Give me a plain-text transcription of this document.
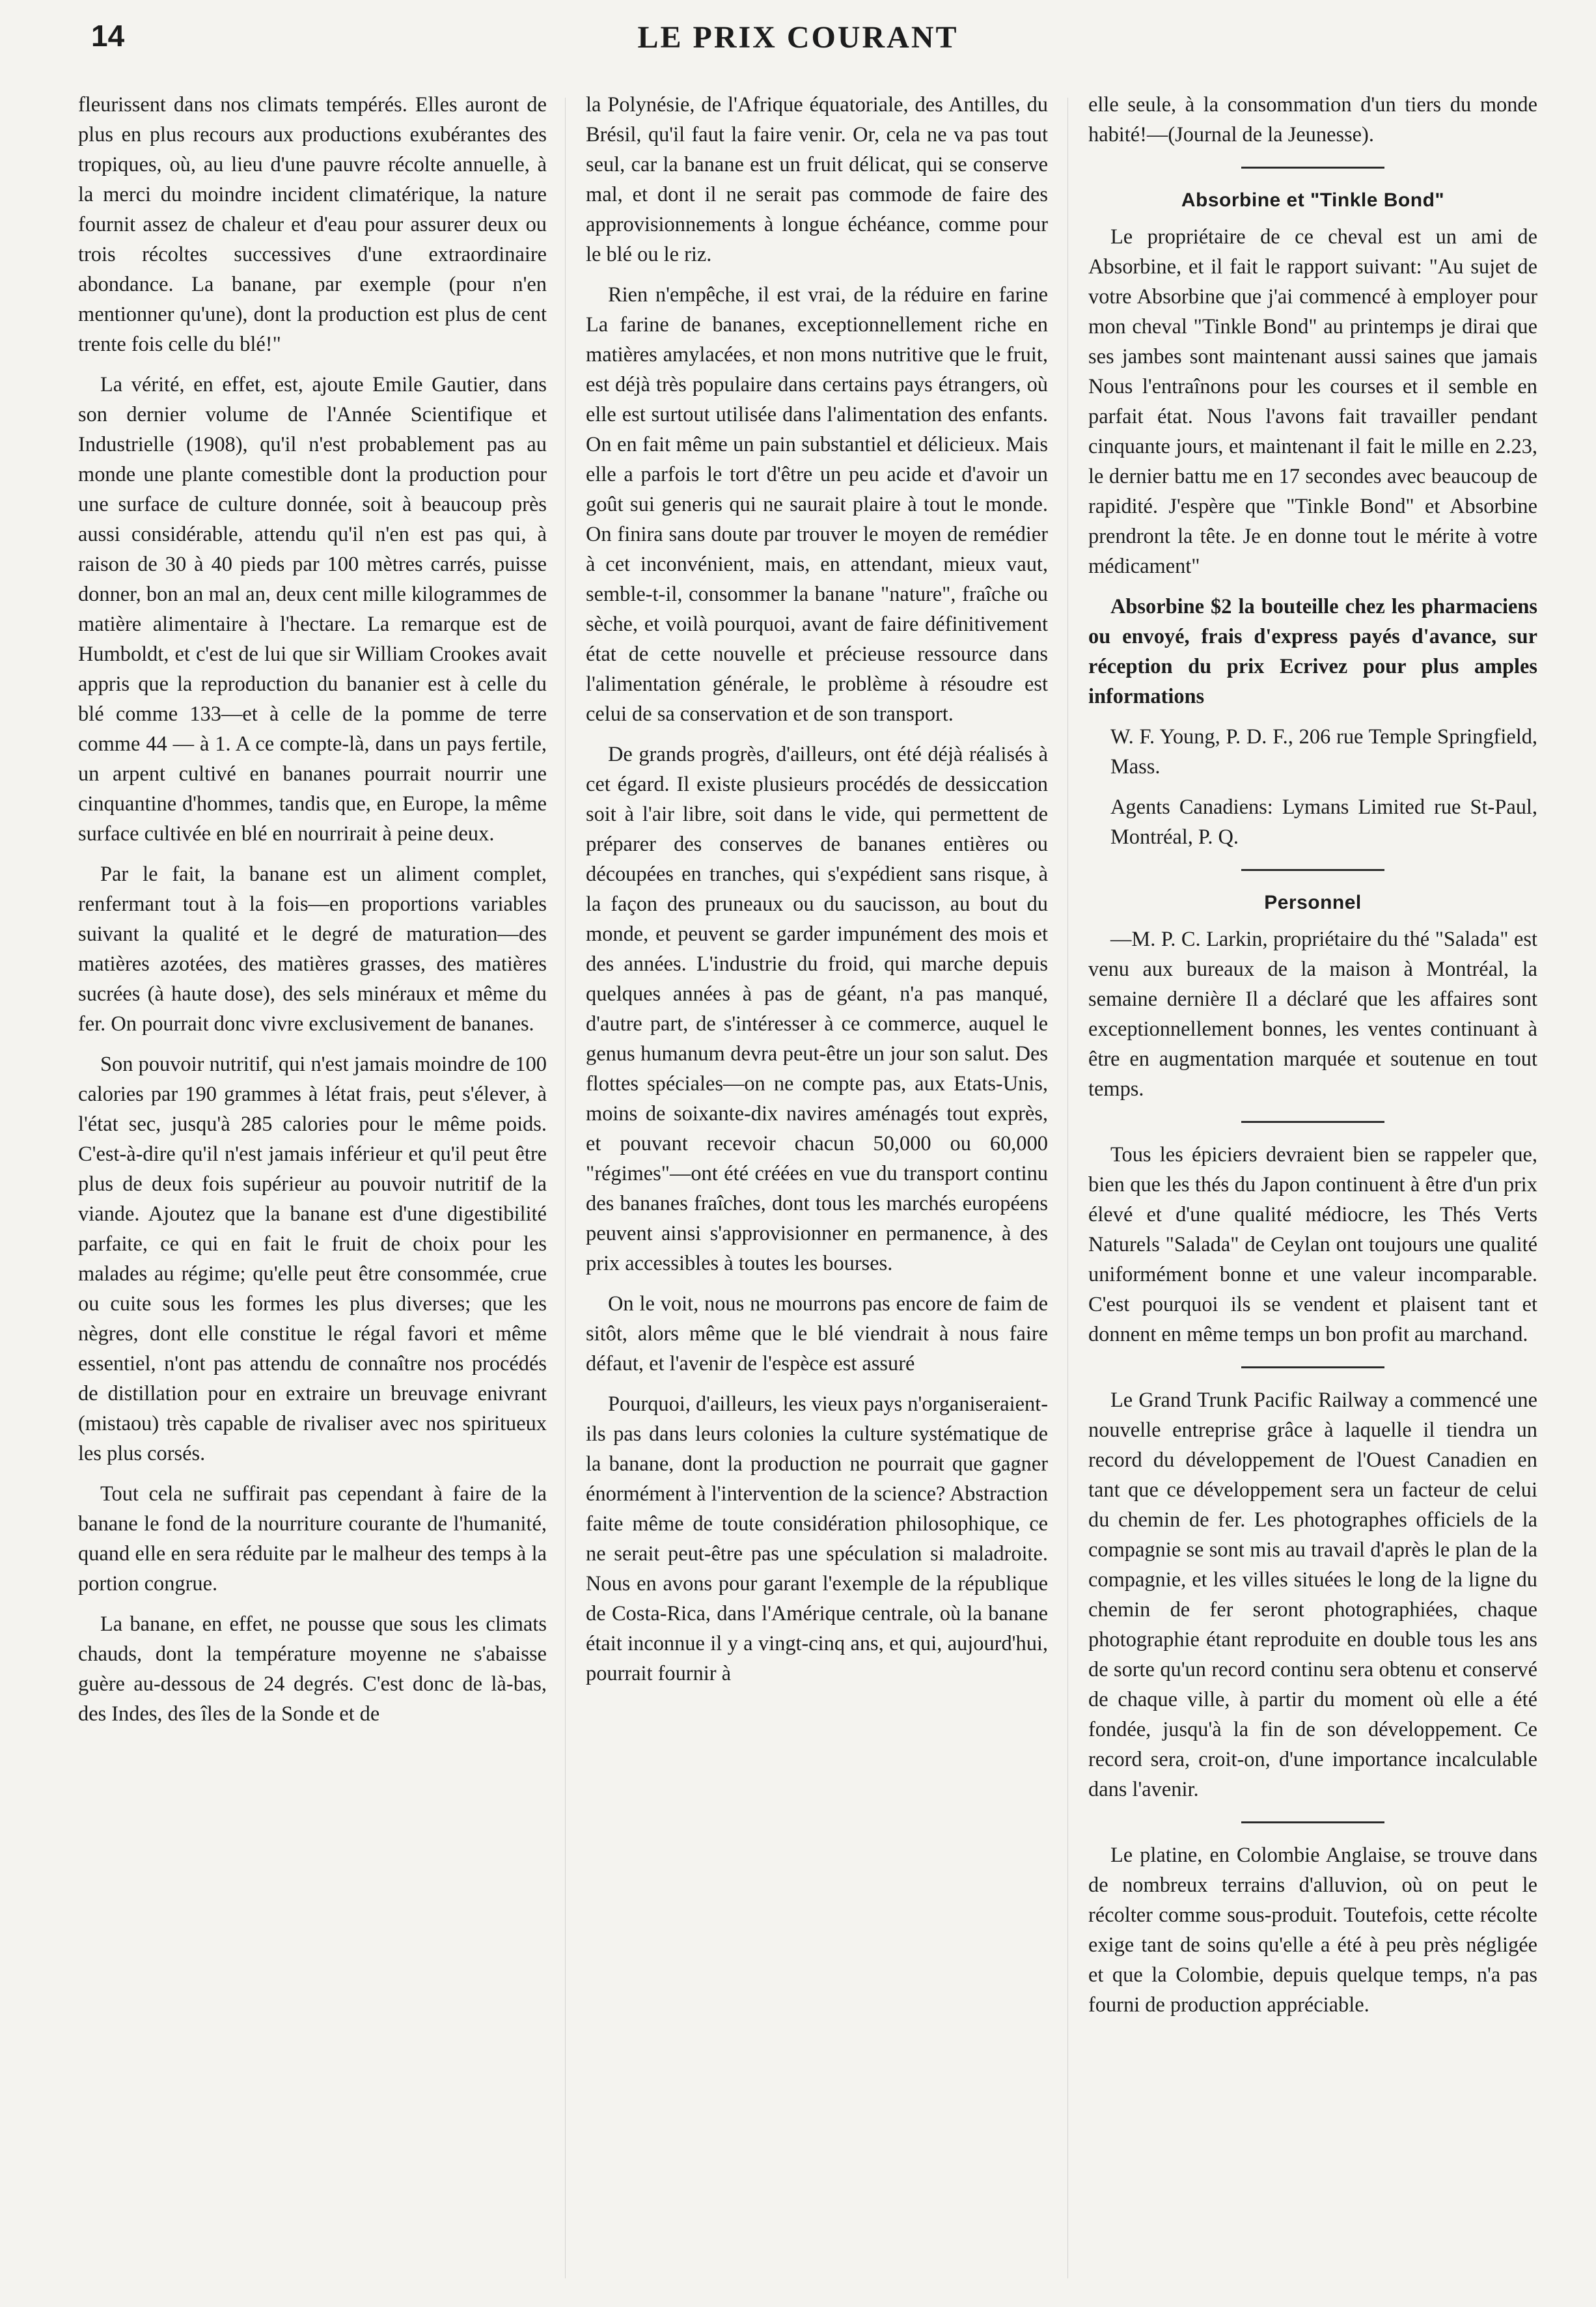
14	LE PRIX COURANT

fleurissent dans nos climats tempérés. Elles auront de plus en plus recours aux productions exubérantes des tropiques, où, au lieu d'une pauvre récolte annuelle, à la merci du moindre incident climatérique, la nature fournit assez de chaleur et d'eau pour assurer deux ou trois récoltes successives d'une extraordinaire abondance. La banane, par exemple (pour n'en mentionner qu'une), dont la production est plus de cent trente fois celle du blé!"

La vérité, en effet, est, ajoute Emile Gautier, dans son dernier volume de l'Année Scientifique et Industrielle (1908), qu'il n'est probablement pas au monde une plante comestible dont la production pour une surface de culture donnée, soit à beaucoup près aussi considérable, attendu qu'il n'en est pas qui, à raison de 30 à 40 pieds par 100 mètres carrés, puisse donner, bon an mal an, deux cent mille kilogrammes de matière alimentaire à l'hectare. La remarque est de Humboldt, et c'est de lui que sir William Crookes avait appris que la reproduction du bananier est à celle du blé comme 133—et à celle de la pomme de terre comme 44 — à 1. A ce compte-là, dans un pays fertile, un arpent cultivé en bananes pourrait nourrir une cinquantine d'hommes, tandis que, en Europe, la même surface cultivée en blé en nourrirait à peine deux.

Par le fait, la banane est un aliment complet, renfermant tout à la fois—en proportions variables suivant la qualité et le degré de maturation—des matières azotées, des matières grasses, des matières sucrées (à haute dose), des sels minéraux et même du fer. On pourrait donc vivre exclusivement de bananes.

Son pouvoir nutritif, qui n'est jamais moindre de 100 calories par 190 grammes à létat frais, peut s'élever, à l'état sec, jusqu'à 285 calories pour le même poids. C'est-à-dire qu'il n'est jamais inférieur et qu'il peut être plus de deux fois supérieur au pouvoir nutritif de la viande. Ajoutez que la banane est d'une digestibilité parfaite, ce qui en fait le fruit de choix pour les malades au régime; qu'elle peut être consommée, crue ou cuite sous les formes les plus diverses; que les nègres, dont elle constitue le régal favori et même essentiel, n'ont pas attendu de connaître nos procédés de distillation pour en extraire un breuvage enivrant (mistaou) très capable de rivaliser avec nos spiritueux les plus corsés.

Tout cela ne suffirait pas cependant à faire de la banane le fond de la nourriture courante de l'humanité, quand elle en sera réduite par le malheur des temps à la portion congrue.

La banane, en effet, ne pousse que sous les climats chauds, dont la température moyenne ne s'abaisse guère au-dessous de 24 degrés. C'est donc de là-bas, des Indes, des îles de la Sonde et de

la Polynésie, de l'Afrique équatoriale, des Antilles, du Brésil, qu'il faut la faire venir. Or, cela ne va pas tout seul, car la banane est un fruit délicat, qui se conserve mal, et dont il ne serait pas commode de faire des approvisionnements à longue échéance, comme pour le blé ou le riz.

Rien n'empêche, il est vrai, de la réduire en farine La farine de bananes, exceptionnellement riche en matières amylacées, et non mons nutritive que le fruit, est déjà très populaire dans certains pays étrangers, où elle est surtout utilisée dans l'alimentation des enfants. On en fait même un pain substantiel et délicieux. Mais elle a parfois le tort d'être un peu acide et d'avoir un goût sui generis qui ne saurait plaire à tout le monde. On finira sans doute par trouver le moyen de remédier à cet inconvénient, mais, en attendant, mieux vaut, semble-t-il, consommer la banane "nature", fraîche ou sèche, et voilà pourquoi, avant de faire définitivement état de cette nouvelle et précieuse ressource dans l'alimentation générale, le problème à résoudre est celui de sa conservation et de son transport.

De grands progrès, d'ailleurs, ont été déjà réalisés à cet égard. Il existe plusieurs procédés de dessiccation soit à l'air libre, soit dans le vide, qui permettent de préparer des conserves de bananes entières ou découpées en tranches, qui s'expédient sans risque, à la façon des pruneaux ou du saucisson, au bout du monde, et peuvent se garder impunément des mois et des années. L'industrie du froid, qui marche depuis quelques années à pas de géant, n'a pas manqué, d'autre part, de s'intéresser à ce commerce, auquel le genus humanum devra peut-être un jour son salut. Des flottes spéciales—on ne compte pas, aux Etats-Unis, moins de soixante-dix navires aménagés tout exprès, et pouvant recevoir chacun 50,000 ou 60,000 "régimes"—ont été créées en vue du transport continu des bananes fraîches, dont tous les marchés européens peuvent ainsi s'approvisionner en permanence, à des prix accessibles à toutes les bourses.

On le voit, nous ne mourrons pas encore de faim de sitôt, alors même que le blé viendrait à nous faire défaut, et l'avenir de l'espèce est assuré

Pourquoi, d'ailleurs, les vieux pays n'organiseraient-ils pas dans leurs colonies la culture systématique de la banane, dont la production ne pourrait que gagner énormément à l'intervention de la science? Abstraction faite même de toute considération philosophique, ce ne serait peut-être pas une spéculation si maladroite. Nous en avons pour garant l'exemple de la république de Costa-Rica, dans l'Amérique centrale, où la banane était inconnue il y a vingt-cinq ans, et qui, aujourd'hui, pourrait fournir à

elle seule, à la consommation d'un tiers du monde habité!—(Journal de la Jeunesse).

Absorbine et "Tinkle Bond"

Le propriétaire de ce cheval est un ami de Absorbine, et il fait le rapport suivant: "Au sujet de votre Absorbine que j'ai commencé à employer pour mon cheval "Tinkle Bond" au printemps je dirai que ses jambes sont maintenant aussi saines que jamais Nous l'entraînons pour les courses et il semble en parfait état. Nous l'avons fait travailler pendant cinquante jours, et maintenant il fait le mille en 2.23, le dernier battu me en 17 secondes avec beaucoup de rapidité. J'espère que "Tinkle Bond" et Absorbine prendront la tête. Je en donne tout le mérite à votre médicament"

Absorbine $2 la bouteille chez les pharmaciens ou envoyé, frais d'express payés d'avance, sur réception du prix Ecrivez pour plus amples informations

W. F. Young, P. D. F., 206 rue Temple Springfield, Mass.

Agents Canadiens: Lymans Limited rue St-Paul, Montréal, P. Q.

Personnel

—M. P. C. Larkin, propriétaire du thé "Salada" est venu aux bureaux de la maison à Montréal, la semaine dernière Il a déclaré que les affaires sont exceptionnellement bonnes, les ventes continuant à être en augmentation marquée et soutenue en tout temps.

Tous les épiciers devraient bien se rappeler que, bien que les thés du Japon continuent à être d'un prix élevé et d'une qualité médiocre, les Thés Verts Naturels "Salada" de Ceylan ont toujours une qualité uniformément bonne et une valeur incomparable. C'est pourquoi ils se vendent et plaisent tant et donnent en même temps un bon profit au marchand.

Le Grand Trunk Pacific Railway a commencé une nouvelle entreprise grâce à laquelle il tiendra un record du développement de l'Ouest Canadien en tant que ce développement sera un facteur de celui du chemin de fer. Les photographes officiels de la compagnie se sont mis au travail d'après le plan de la compagnie, et les villes situées le long de la ligne du chemin de fer seront photographiées, chaque photographie étant reproduite en double tous les ans de sorte qu'un record continu sera obtenu et conservé de chaque ville, à partir du moment où elle a été fondée, jusqu'à la fin de son développement. Ce record sera, croit-on, d'une importance incalculable dans l'avenir.

Le platine, en Colombie Anglaise, se trouve dans de nombreux terrains d'alluvion, où on peut le récolter comme sous-produit. Toutefois, cette récolte exige tant de soins qu'elle a été à peu près négligée et que la Colombie, depuis quelque temps, n'a pas fourni de production appréciable.
